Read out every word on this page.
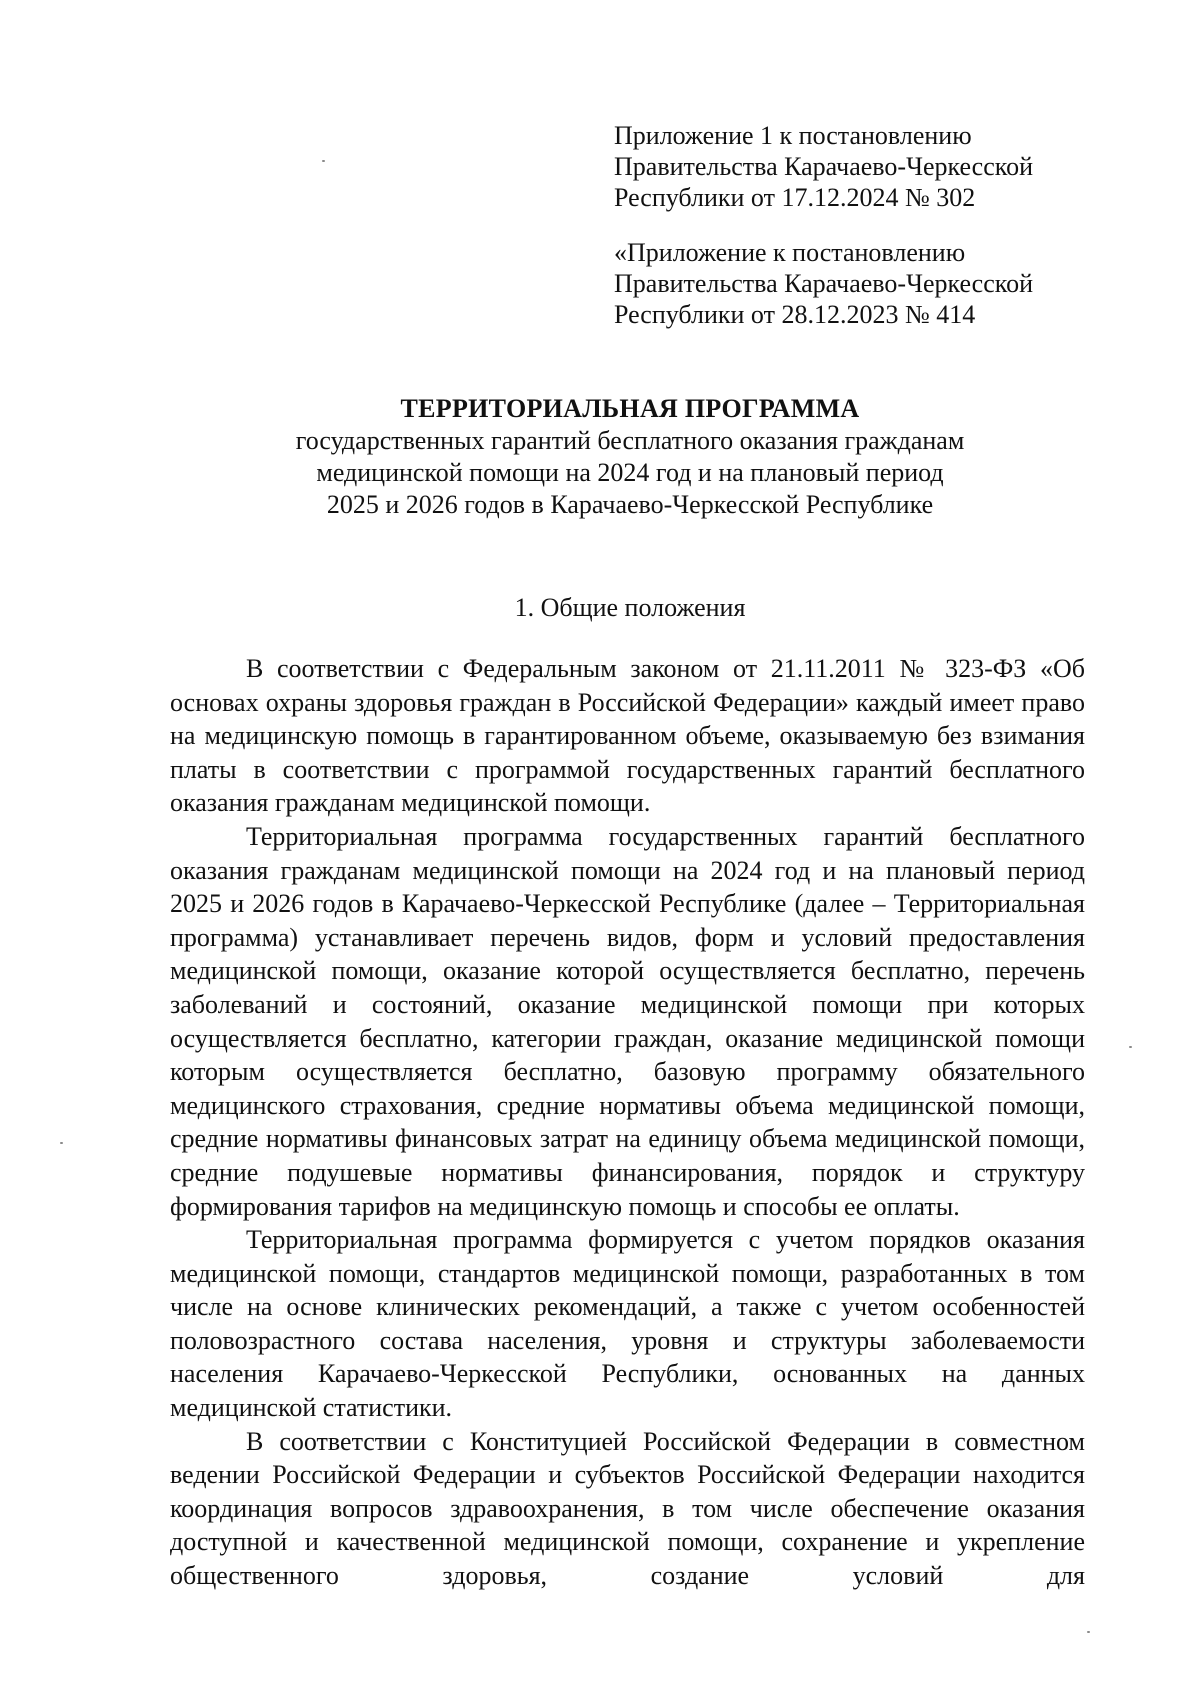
Приложение 1 к постановлению

Правительства Карачаево-Черкесской

Республики от 17.12.2024 № 302

«Приложение к постановлению

Правительства Карачаево-Черкесской

Республики от 28.12.2023 № 414

ТЕРРИТОРИАЛЬНАЯ ПРОГРАММА

государственных гарантий бесплатного оказания гражданам

медицинской помощи на 2024 год и на плановый период

2025 и 2026 годов в Карачаево-Черкесской Республике

1. Общие положения

В соответствии с Федеральным законом от 21.11.2011 № 323-ФЗ «Об основах охраны здоровья граждан в Российской Федерации» каждый имеет право на медицинскую помощь в гарантированном объеме, оказываемую без взимания платы в соответствии с программой государственных гарантий бесплатного оказания гражданам медицинской помощи.

Территориальная программа государственных гарантий бесплатного оказания гражданам медицинской помощи на 2024 год и на плановый период 2025 и 2026 годов в Карачаево-Черкесской Республике (далее – Территориальная программа) устанавливает перечень видов, форм и условий предоставления медицинской помощи, оказание которой осуществляется бесплатно, перечень заболеваний и состояний, оказание медицинской помощи при которых осуществляется бесплатно, категории граждан, оказание медицинской помощи которым осуществляется бесплатно, базовую программу обязательного медицинского страхования, средние нормативы объема медицинской помощи, средние нормативы финансовых затрат на единицу объема медицинской помощи, средние подушевые нормативы финансирования, порядок и структуру формирования тарифов на медицинскую помощь и способы ее оплаты.

Территориальная программа формируется с учетом порядков оказания медицинской помощи, стандартов медицинской помощи, разработанных в том числе на основе клинических рекомендаций, а также с учетом особенностей половозрастного состава населения, уровня и структуры заболеваемости населения Карачаево-Черкесской Республики, основанных на данных медицинской статистики.

В соответствии с Конституцией Российской Федерации в совместном ведении Российской Федерации и субъектов Российской Федерации находится координация вопросов здравоохранения, в том числе обеспечение оказания доступной и качественной медицинской помощи, сохранение и укрепление общественного здоровья, создание условий для
